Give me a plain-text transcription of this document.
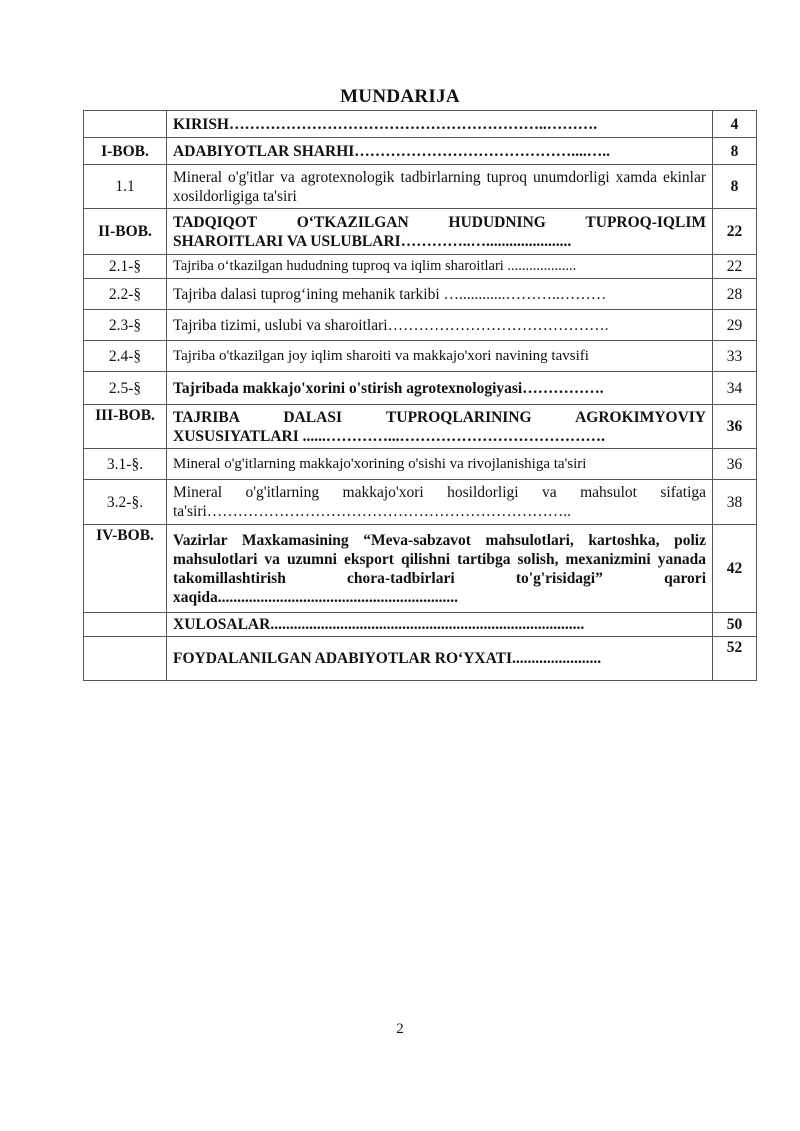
MUNDARIJA
	KIRISH……………………………………………………..……….	4
I-BOB.	ADABIYOTLAR SHARHI……………………………………....…..	8
1.1	Mineral o'g'itlar va agrotexnologik tadbirlarning tuproq unumdorligi xamda ekinlar xosildorligiga ta'siri	8
II-BOB.	TADQIQOT O‘TKAZILGAN HUDUDNING TUPROQ-IQLIM SHAROITLARI VA USLUBLARI…………..…......................	22
2.1-§	Tajriba o‘tkazilgan hududning tuproq va iqlim sharoitlari ...................	22
2.2-§	Tajriba dalasi tuprog‘ining mehanik tarkibi …............………..………	28
2.3-§	Tajriba tizimi, uslubi va sharoitlari…………………………………….	29
2.4-§	Tajriba o'tkazilgan joy iqlim sharoiti va makkajo'xori navining tavsifi	33
2.5-§	Tajribada makkajo'xorini o'stirish agrotexnologiyasi…………….	34
III-BOB.	TAJRIBA DALASI TUPROQLARINING AGROKIMYOVIY XUSUSIYATLARI ......…………...………………………………….	36
3.1-§.	Mineral o'g'itlarning makkajo'xorining o'sishi va rivojlanishiga ta'siri	36
3.2-§.	Mineral o'g'itlarning makkajo'xori hosildorligi va mahsulot sifatiga ta'siri……………………………………………………………..	38
IV-BOB.	Vazirlar Maxkamasining “Meva-sabzavot mahsulotlari, kartoshka, poliz mahsulotlari va uzumni eksport qilishni tartibga solish, mexanizmini yanada takomillashtirish chora-tadbirlari to'g'risidagi” qarori xaqida..............................................................	42
	XULOSALAR.................................................................................	50
	FOYDALANILGAN ADABIYOTLAR RO‘YXATI.......................	52
2
